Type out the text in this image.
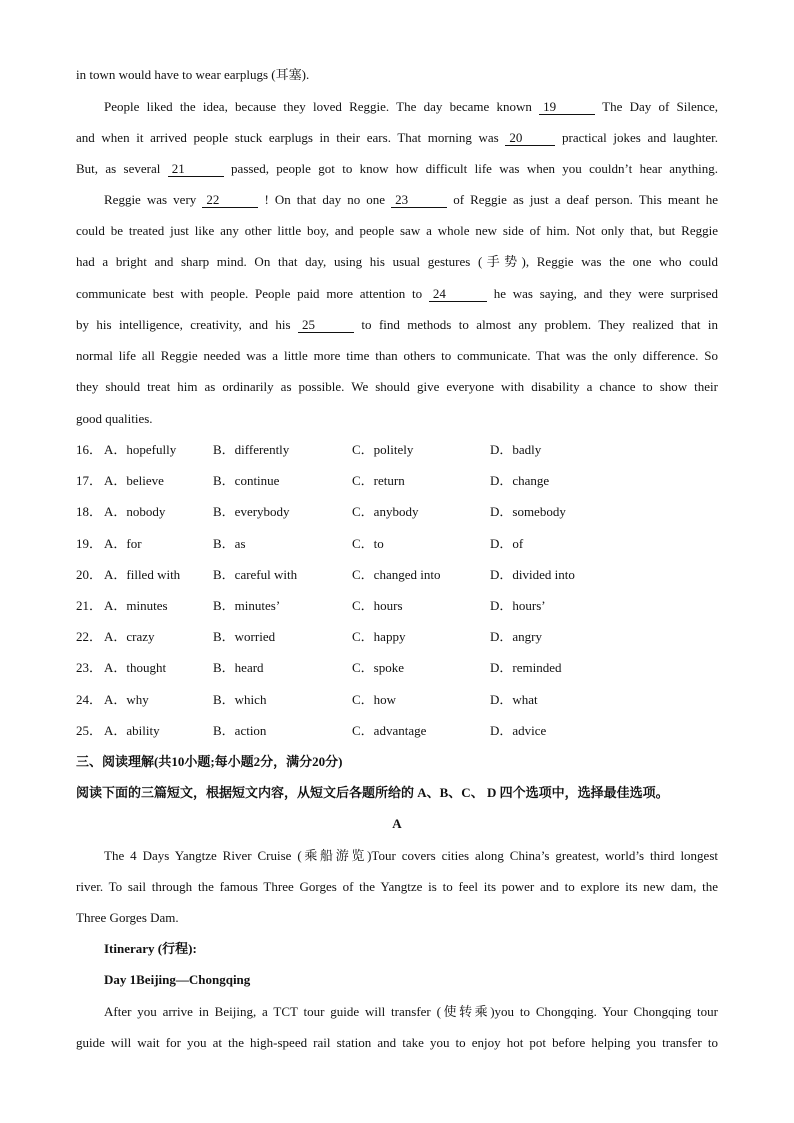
in town would have to wear earplugs (耳塞).
People liked the idea, because they loved Reggie. The day became known 19	The Day of Silence,
and when it arrived people stuck earplugs in their ears. That morning was 20	practical jokes and laughter.
But, as several 21	passed, people got to know how difficult life was when you couldn’t hear anything.
Reggie was very 22	! On that day no one 23	of Reggie as just a deaf person. This meant he
could be treated just like any other little boy, and people saw a whole new side of him. Not only that, but Reggie
had a bright and sharp mind. On that day, using his usual gestures (手势), Reggie was the one who could
communicate best with people. People paid more attention to 24	he was saying, and they were surprised
by his intelligence, creativity, and his 25	to find methods to almost any problem. They realized that in
normal life all Reggie needed was a little more time than others to communicate. That was the only difference. So
they should treat him as ordinarily as possible. We should give everyone with disability a chance to show their
good qualities.
16． A．hopefully	B．differently	C．politely	D．badly
17． A．believe	B．continue	C．return	D．change
18． A．nobody	B．everybody	C．anybody	D．somebody
19． A．for	B．as	C．to	D．of
20． A．filled with	B．careful with	C．changed into	D．divided into
21． A．minutes	B．minutes’	C．hours	D．hours’
22． A．crazy	B．worried	C．happy	D．angry
23． A．thought	B．heard	C．spoke	D．reminded
24． A．why	B．which	C．how	D．what
25． A．ability	B．action	C．advantage	D．advice
三、阅读理解(共10小题;每小题2分，满分20分)
阅读下面的三篇短文，根据短文内容，从短文后各题所给的 A、B、C、 D 四个选项中，选择最佳选项。
A
The 4 Days Yangtze River Cruise (乘船游览)Tour covers cities along China’s greatest, world’s third longest
river. To sail through the famous Three Gorges of the Yangtze is to feel its power and to explore its new dam, the
Three Gorges Dam.
Itinerary (行程):
Day 1Beijing—Chongqing
After you arrive in Beijing, a TCT tour guide will transfer (使转乘)you to Chongqing. Your Chongqing tour
guide will wait for you at the high-speed rail station and take you to enjoy hot pot before helping you transfer to
